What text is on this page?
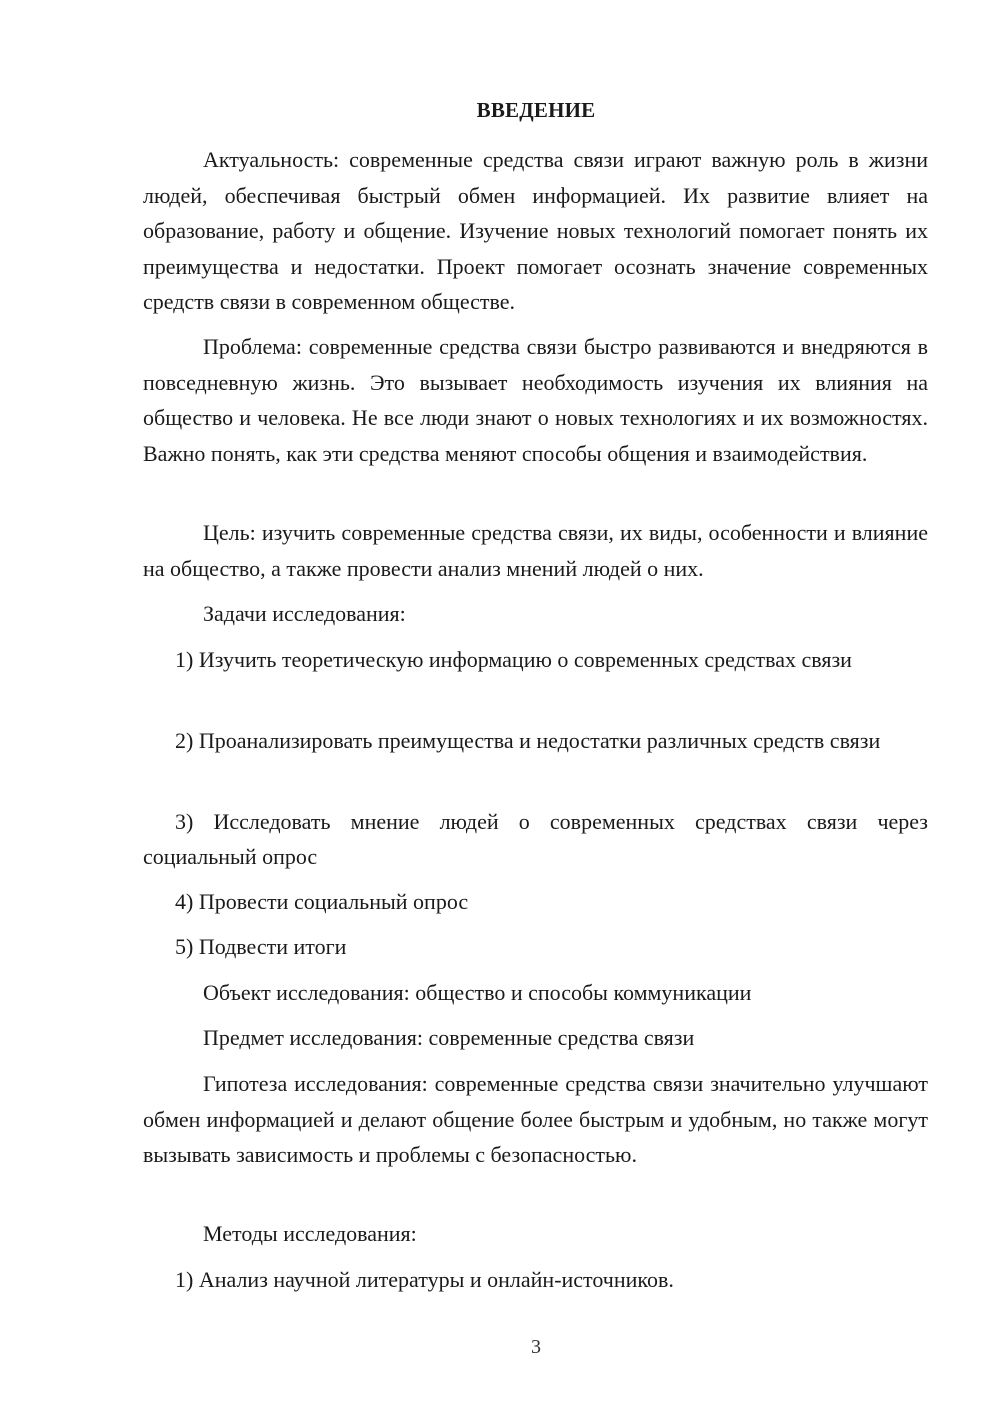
ВВЕДЕНИЕ

Актуальность: современные средства связи играют важную роль в жизни людей, обеспечивая быстрый обмен информацией. Их развитие влияет на образование, работу и общение. Изучение новых технологий помогает понять их преимущества и недостатки. Проект помогает осознать значение современных средств связи в современном обществе.

Проблема: современные средства связи быстро развиваются и внедряются в повседневную жизнь. Это вызывает необходимость изучения их влияния на общество и человека. Не все люди знают о новых технологиях и их возможностях. Важно понять, как эти средства меняют способы общения и взаимодействия.

Цель: изучить современные средства связи, их виды, особенности и влияние на общество, а также провести анализ мнений людей о них.

Задачи исследования:

1) Изучить теоретическую информацию о современных средствах связи

2) Проанализировать преимущества и недостатки различных средств связи

3) Исследовать мнение людей о современных средствах связи через социальный опрос

4) Провести социальный опрос

5) Подвести итоги

Объект исследования: общество и способы коммуникации

Предмет исследования: современные средства связи

Гипотеза исследования: современные средства связи значительно улучшают обмен информацией и делают общение более быстрым и удобным, но также могут вызывать зависимость и проблемы с безопасностью.

Методы исследования:

1) Анализ научной литературы и онлайн-источников.

3
